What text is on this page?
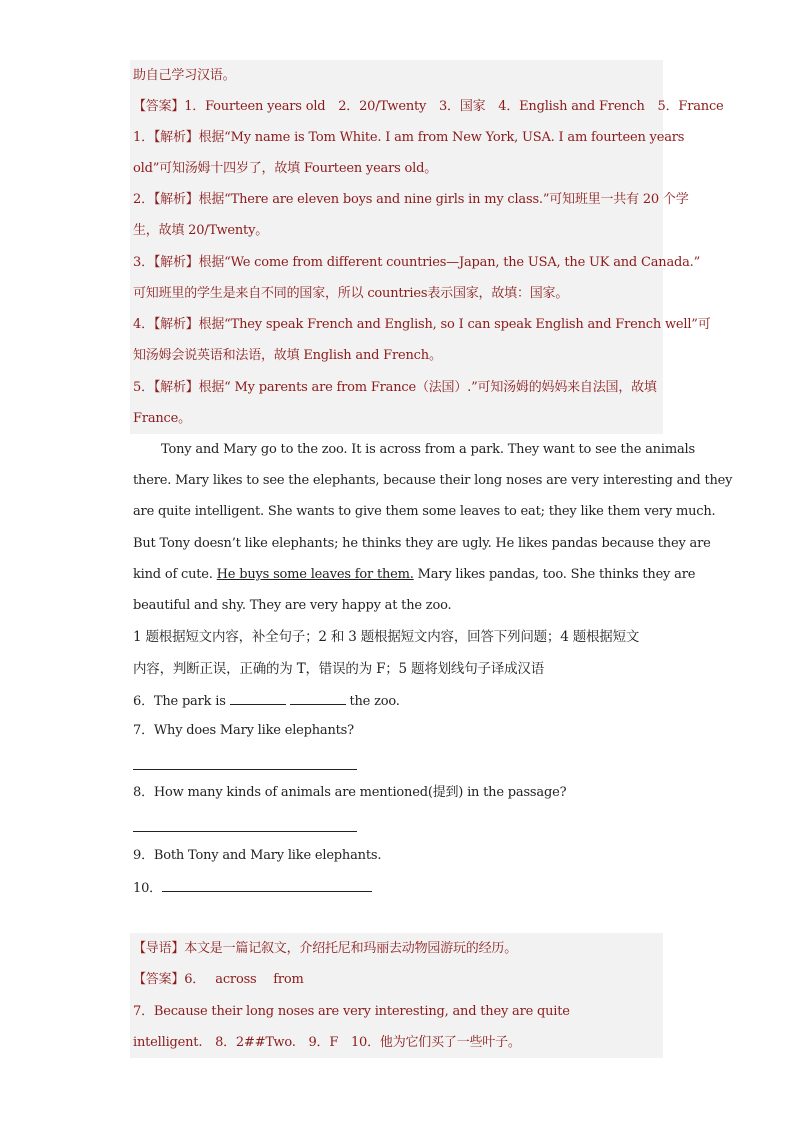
助自己学习汉语。
【答案】1．Fourteen years old　2．20/Twenty　3．国家　4．English and French　5．France
1．【解析】根据“My name is Tom White. I am from New York, USA. I am fourteen years
old”可知汤姆十四岁了，故填 Fourteen years old。
2．【解析】根据“There are eleven boys and nine girls in my class.”可知班里一共有 20 个学
生，故填 20/Twenty。
3．【解析】根据“We come from different countries—Japan, the USA, the UK and Canada.”
可知班里的学生是来自不同的国家，所以 countries表示国家，故填：国家。
4．【解析】根据“They speak French and English, so I can speak English and French well”可
知汤姆会说英语和法语，故填 English and French。
5．【解析】根据“ My parents are from France（法国）.”可知汤姆的妈妈来自法国，故填
France。
Tony and Mary go to the zoo. It is across from a park. They want to see the animals
there. Mary likes to see the elephants, because their long noses are very interesting and they
are quite intelligent. She wants to give them some leaves to eat; they like them very much.
But Tony doesn’t like elephants; he thinks they are ugly. He likes pandas because they are
kind of cute. He buys some leaves for them. Mary likes pandas, too. She thinks they are
beautiful and shy. They are very happy at the zoo.
1 题根据短文内容，补全句子；2 和 3 题根据短文内容，回答下列问题；4 题根据短文
内容，判断正误，正确的为 T，错误的为 F；5 题将划线句子译成汉语
6．The park is	the zoo.
7．Why does Mary like elephants?
8．How many kinds of animals are mentioned(提到) in the passage?
9．Both Tony and Mary like elephants.
10．
【导语】本文是一篇记叙文，介绍托尼和玛丽去动物园游玩的经历。
【答案】6．　 across　 from
7．Because their long noses are very interesting, and they are quite
intelligent.　8．2##Two.　9．F　10．他为它们买了一些叶子。
